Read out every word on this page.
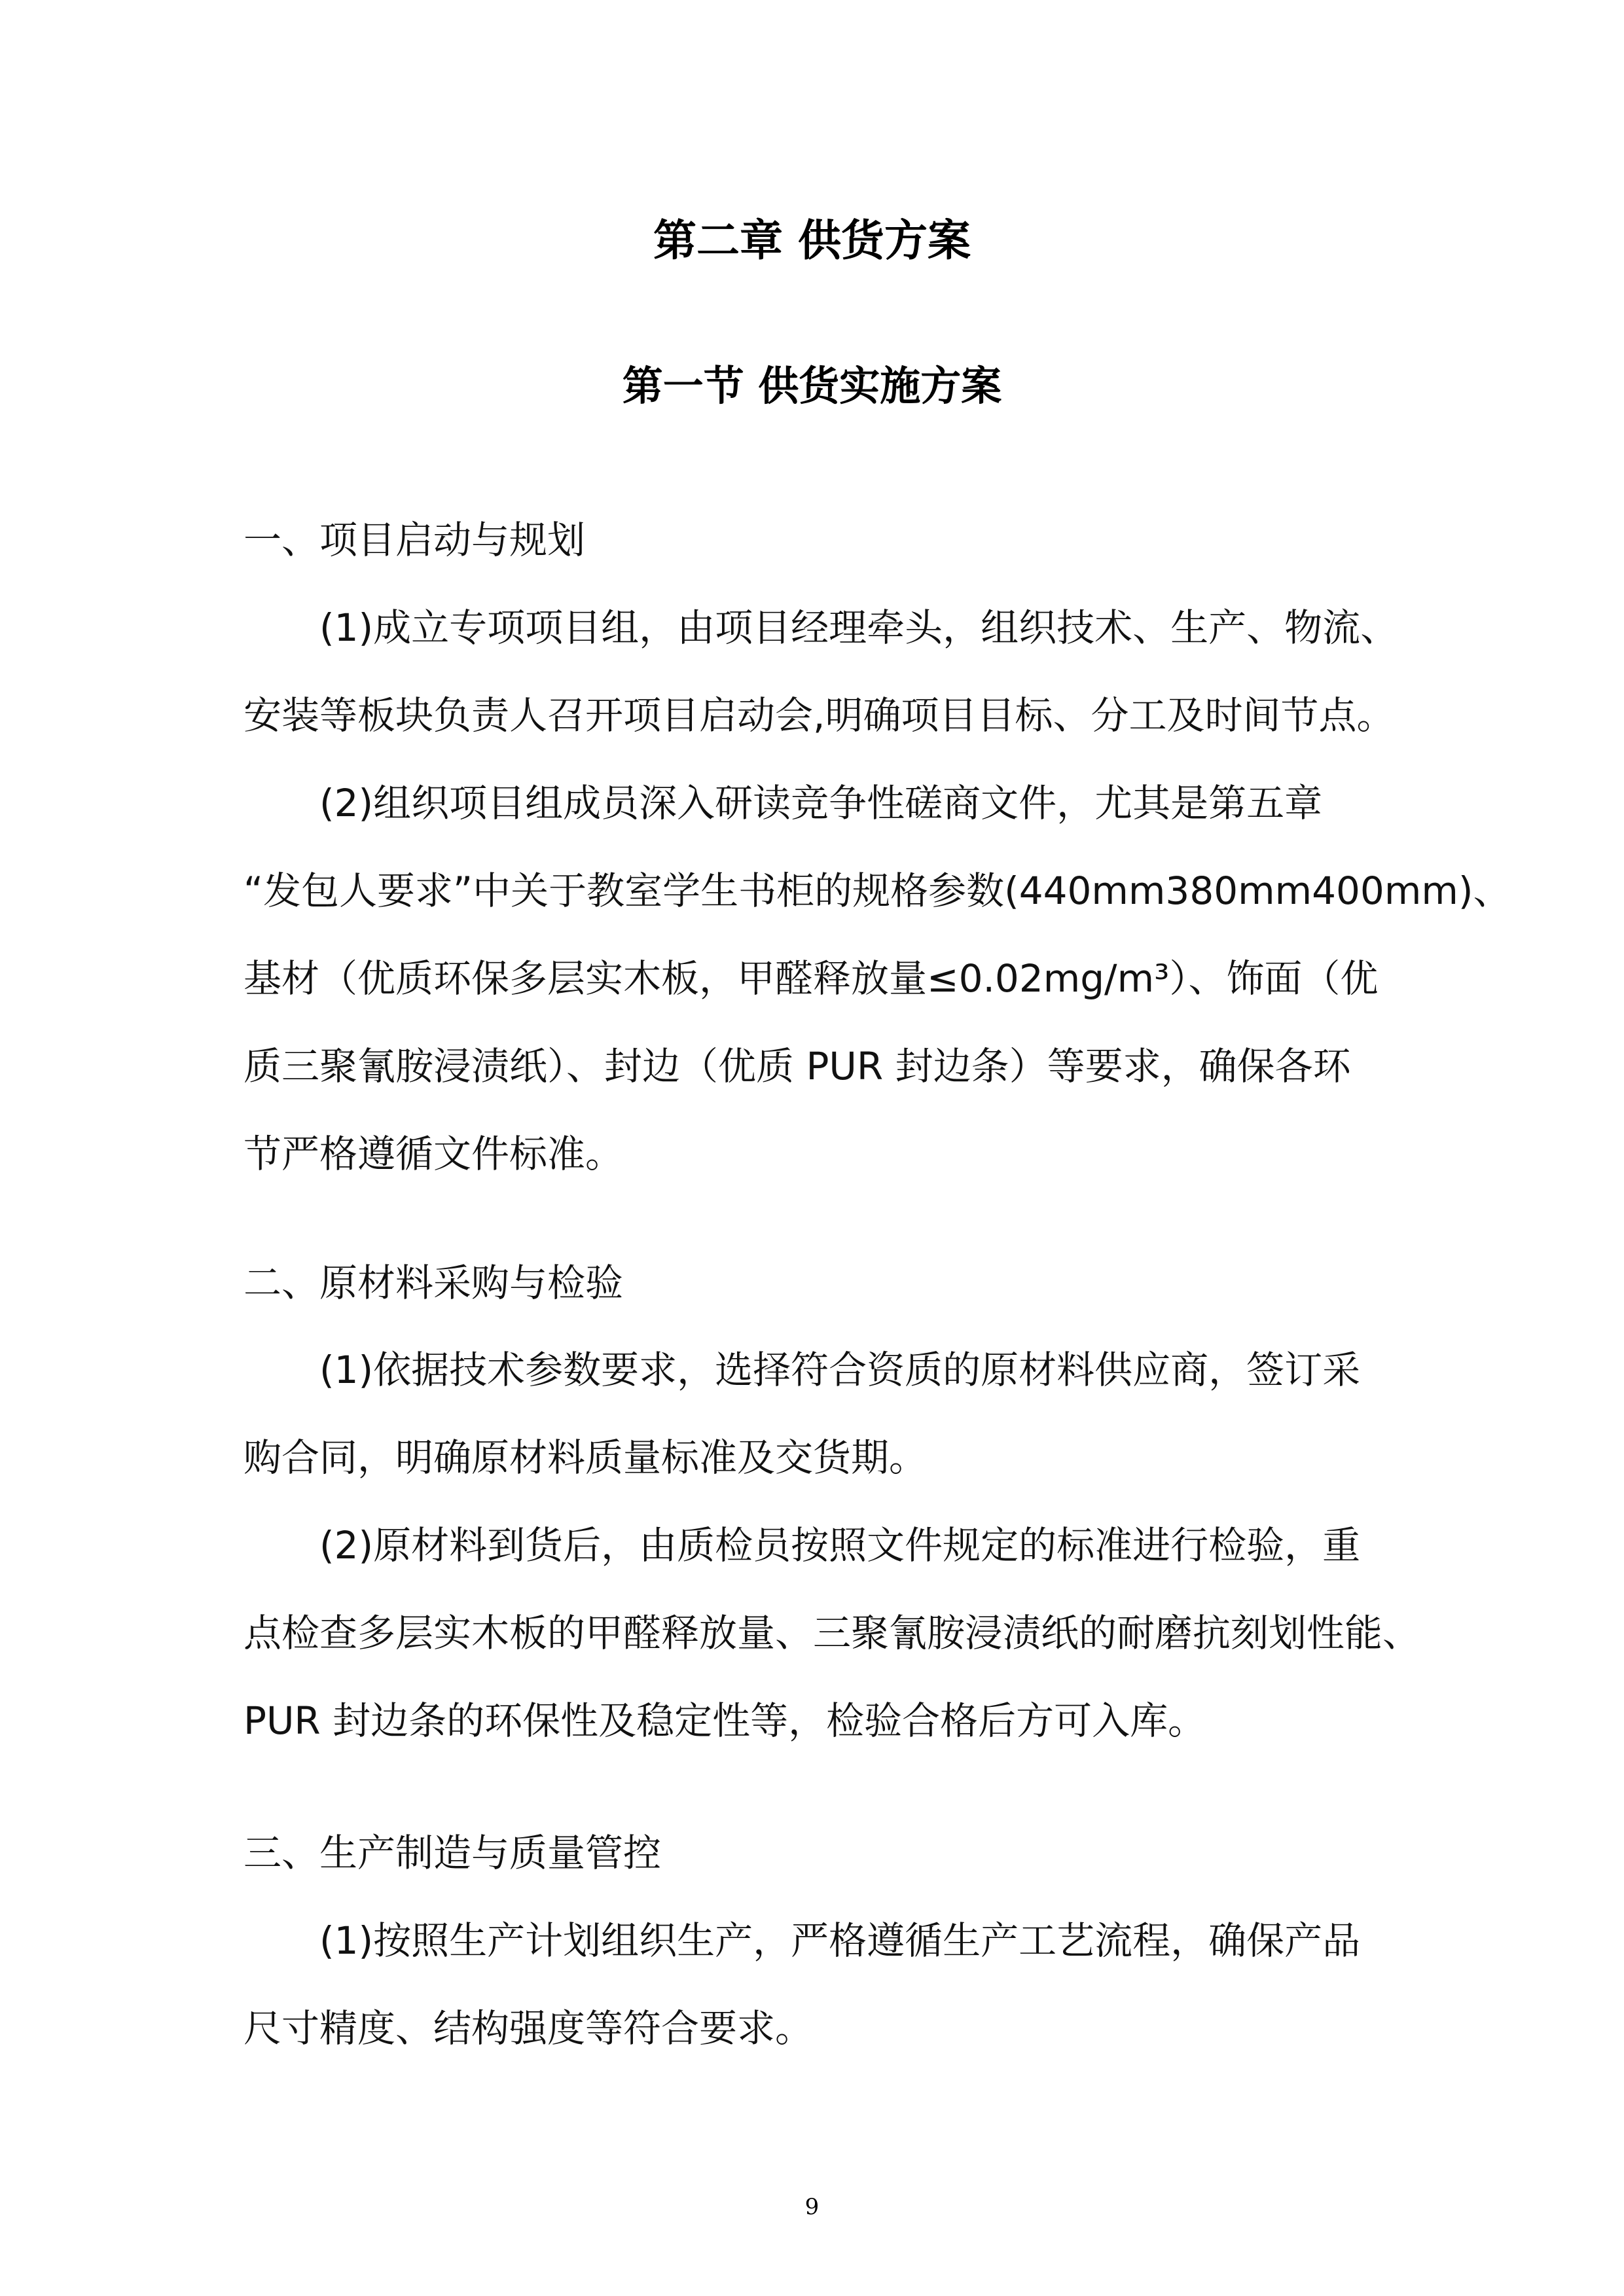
第二章 供货方案
第一节 供货实施方案

一、项目启动与规划

(1)成立专项项目组，由项目经理牵头，组织技术、生产、物流、

安装等板块负责人召开项目启动会,明确项目目标、分工及时间节点。

(2)组织项目组成员深入研读竞争性磋商文件，尤其是第五章

“发包人要求”中关于教室学生书柜的规格参数(440mm380mm400mm)、

基材（优质环保多层实木板，甲醛释放量≤0.02mg/m³）、饰面（优

质三聚氰胺浸渍纸）、封边（优质 PUR 封边条）等要求，确保各环

节严格遵循文件标准。

二、原材料采购与检验

(1)依据技术参数要求，选择符合资质的原材料供应商，签订采

购合同，明确原材料质量标准及交货期。

(2)原材料到货后，由质检员按照文件规定的标准进行检验，重

点检查多层实木板的甲醛释放量、三聚氰胺浸渍纸的耐磨抗刻划性能、

PUR 封边条的环保性及稳定性等，检验合格后方可入库。

三、生产制造与质量管控

(1)按照生产计划组织生产，严格遵循生产工艺流程，确保产品

尺寸精度、结构强度等符合要求。

9
